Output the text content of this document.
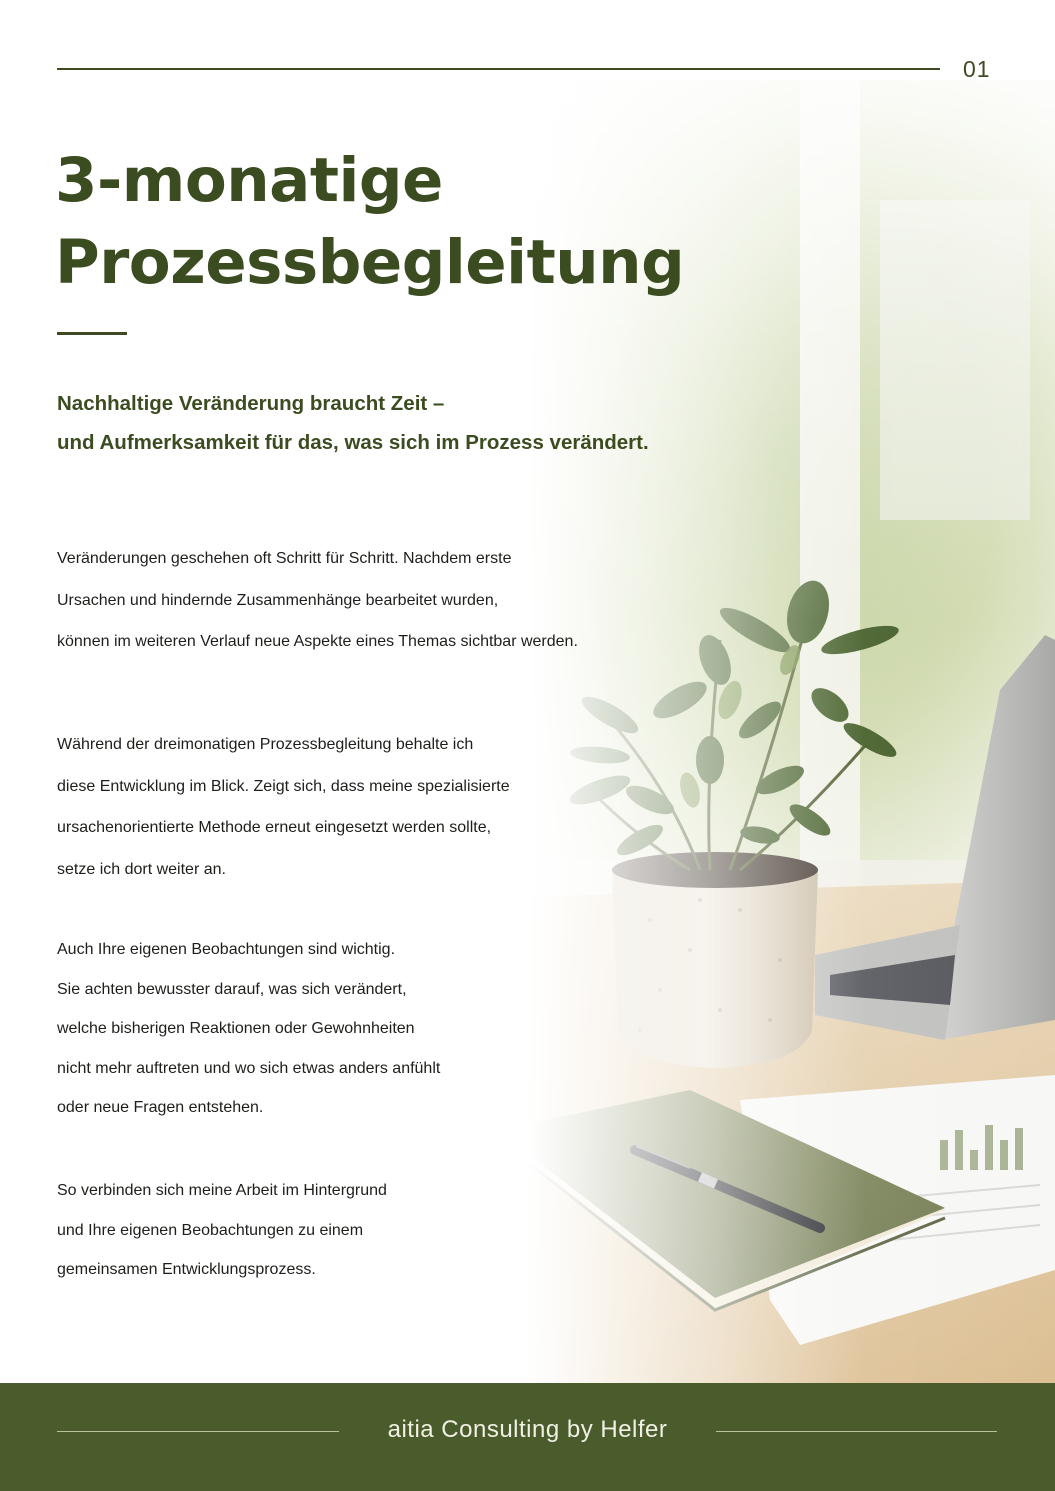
01
3-monatige
Prozessbegleitung

Nachhaltige Veränderung braucht Zeit –
und Aufmerksamkeit für das, was sich im Prozess verändert.

Veränderungen geschehen oft Schritt für Schritt. Nachdem erste
Ursachen und hindernde Zusammenhänge bearbeitet wurden,
können im weiteren Verlauf neue Aspekte eines Themas sichtbar werden.

Während der dreimonatigen Prozessbegleitung behalte ich
diese Entwicklung im Blick. Zeigt sich, dass meine spezialisierte
ursachenorientierte Methode erneut eingesetzt werden sollte,
setze ich dort weiter an.

Auch Ihre eigenen Beobachtungen sind wichtig.
Sie achten bewusster darauf, was sich verändert,
welche bisherigen Reaktionen oder Gewohnheiten
nicht mehr auftreten und wo sich etwas anders anfühlt
oder neue Fragen entstehen.

So verbinden sich meine Arbeit im Hintergrund
und Ihre eigenen Beobachtungen zu einem
gemeinsamen Entwicklungsprozess.

aitia Consulting by Helfer
